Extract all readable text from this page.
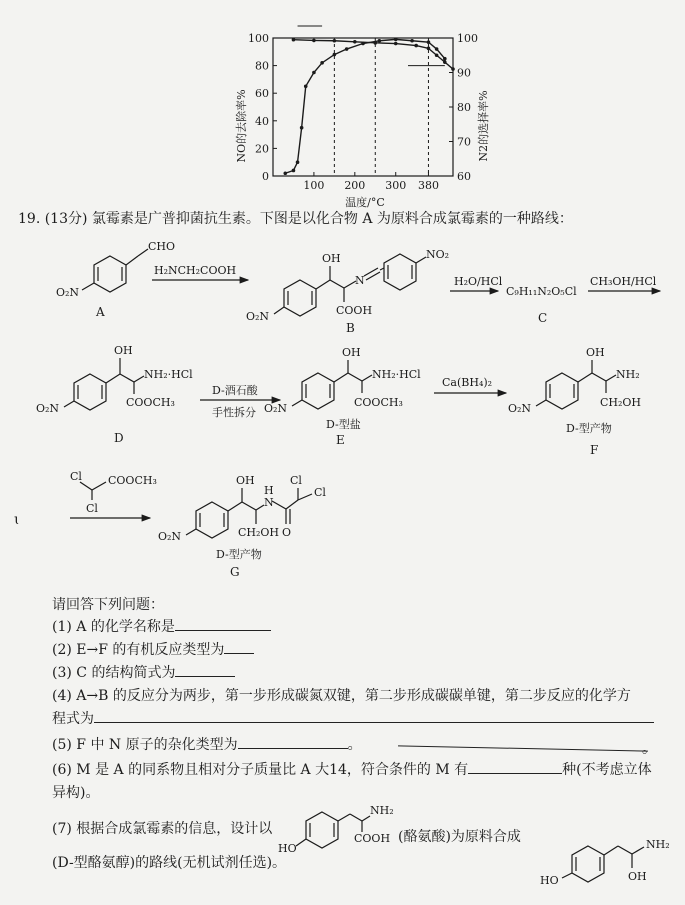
100 200 300 380
0
20
40
60
80
100
60
70
80
90
100
NO的去除率%	N2的选择率%
温度/°C
19. (13分) 氯霉素是广普抑菌抗生素。下图是以化合物 A 为原料合成氯霉素的一种路线：
CHO
O₂N
A
H₂NCH₂COOH
OH
N
NO₂
COOH
O₂N
B
H₂O/HCl
C₉H₁₁N₂O₅Cl
C
CH₃OH/HCl
OH
NH₂·HCl
COOCH₃
O₂N
D
D-酒石酸
手性拆分
OH
NH₂·HCl
COOCH₃
O₂N
D-型盐
E
Ca(BH₄)₂
OH
NH₂
CH₂OH
O₂N
D-型产物
F
Cl COOCH₃
Cl
OH
H
N
Cl
Cl
CH₂OH O
O₂N
D-型产物
G
ɩ
请回答下列问题：
(1) A 的化学名称是
(2) E→F 的有机反应类型为
(3) C 的结构简式为
(4) A→B 的反应分为两步，第一步形成碳氮双键，第二步形成碳碳单键，第二步反应的化学方
程式为
(5) F 中 N 原子的杂化类型为	。	。
(6) M 是 A 的同系物且相对分子质量比 A 大14，符合条件的 M 有	种(不考虑立体
异构)。
(7) 根据合成氯霉素的信息，设计以	(酪氨酸)为原料合成
(D-型酪氨醇)的路线(无机试剂任选)。
NH₂
COOH
HO	NH₂
OH
HO
